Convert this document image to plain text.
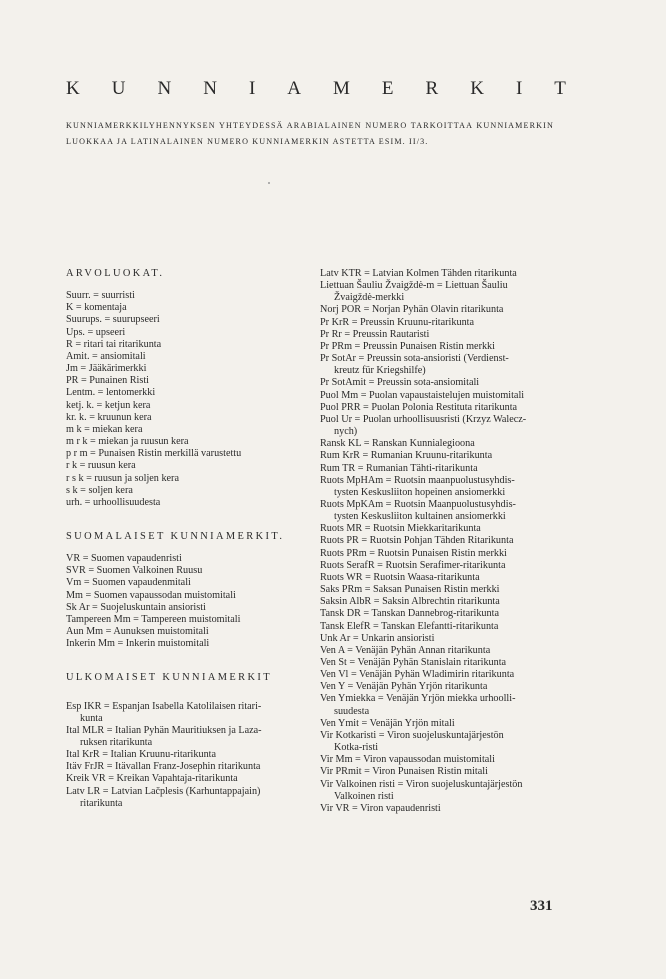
K U N N I A M E R K I T
KUNNIAMERKKILYHENNYKSEN YHTEYDESSÄ ARABIALAINEN NUMERO TARKOITTAA KUNNIAMERKIN LUOKKAA JA LATINALAINEN NUMERO KUNNIAMERKIN ASTETTA ESIM. II/3.
ARVOLUOKAT.
Suurr. = suurristi
K = komentaja
Suurups. = suurupseeri
Ups. = upseeri
R = ritari tai ritarikunta
Amit. = ansiomitali
Jm = Jääkärimerkki
PR = Punainen Risti
Lentm. = lentomerkki
ketj. k. = ketjun kera
kr. k. = kruunun kera
m k = miekan kera
m r k = miekan ja ruusun kera
p r m = Punaisen Ristin merkillä varustettu
r k = ruusun kera
r s k = ruusun ja soljen kera
s k = soljen kera
urh. = urhoollisuudesta
SUOMALAISET KUNNIAMERKIT.
VR = Suomen vapaudenristi
SVR = Suomen Valkoinen Ruusu
Vm = Suomen vapaudenmitali
Mm = Suomen vapaussodan muistomitali
Sk Ar = Suojeluskuntain ansioristi
Tampereen Mm = Tampereen muistomitali
Aun Mm = Aunuksen muistomitali
Inkerin Mm = Inkerin muistomitali
ULKOMAISET KUNNIAMERKIT
Esp IKR = Espanjan Isabella Katolilaisen ritari-
kunta
Ital MLR = Italian Pyhän Mauritiuksen ja Laza-
ruksen ritarikunta
Ital KrR = Italian Kruunu-ritarikunta
Itäv FrJR = Itävallan Franz-Josephin ritarikunta
Kreik VR = Kreikan Vapahtaja-ritarikunta
Latv LR = Latvian Lačplesis (Karhuntappajain)
ritarikunta
Latv KTR = Latvian Kolmen Tähden ritarikunta
Liettuan Šauliu Žvaigždė-m = Liettuan Šauliu
Žvaigždė-merkki
Norj POR = Norjan Pyhän Olavin ritarikunta
Pr KrR = Preussin Kruunu-ritarikunta
Pr Rr = Preussin Rautaristi
Pr PRm = Preussin Punaisen Ristin merkki
Pr SotAr = Preussin sota-ansioristi (Verdienst-
kreutz für Kriegshilfe)
Pr SotAmit = Preussin sota-ansiomitali
Puol Mm = Puolan vapaustaistelujen muistomitali
Puol PRR = Puolan Polonia Restituta ritarikunta
Puol Ur = Puolan urhoollisuusristi (Krzyz Walecz-
nych)
Ransk KL = Ranskan Kunnialegioona
Rum KrR = Rumanian Kruunu-ritarikunta
Rum TR = Rumanian Tähti-ritarikunta
Ruots MpHAm = Ruotsin maanpuolustusyhdis-
tysten Keskusliiton hopeinen ansiomerkki
Ruots MpKAm = Ruotsin Maanpuolustusyhdis-
tysten Keskusliiton kultainen ansiomerkki
Ruots MR = Ruotsin Miekkaritarikunta
Ruots PR = Ruotsin Pohjan Tähden Ritarikunta
Ruots PRm = Ruotsin Punaisen Ristin merkki
Ruots SerafR = Ruotsin Serafimer-ritarikunta
Ruots WR = Ruotsin Waasa-ritarikunta
Saks PRm = Saksan Punaisen Ristin merkki
Saksin AlbR = Saksin Albrechtin ritarikunta
Tansk DR = Tanskan Dannebrog-ritarikunta
Tansk ElefR = Tanskan Elefantti-ritarikunta
Unk Ar = Unkarin ansioristi
Ven A = Venäjän Pyhän Annan ritarikunta
Ven St = Venäjän Pyhän Stanislain ritarikunta
Ven Vl = Venäjän Pyhän Wladimirin ritarikunta
Ven Y = Venäjän Pyhän Yrjön ritarikunta
Ven Ymiekka = Venäjän Yrjön miekka urhoolli-
suudesta
Ven Ymit = Venäjän Yrjön mitali
Vir Kotkaristi = Viron suojeluskuntajärjestön
Kotka-risti
Vir Mm = Viron vapaussodan muistomitali
Vir PRmit = Viron Punaisen Ristin mitali
Vir Valkoinen risti = Viron suojeluskuntajärjestön
Valkoinen risti
Vir VR = Viron vapaudenristi
331
